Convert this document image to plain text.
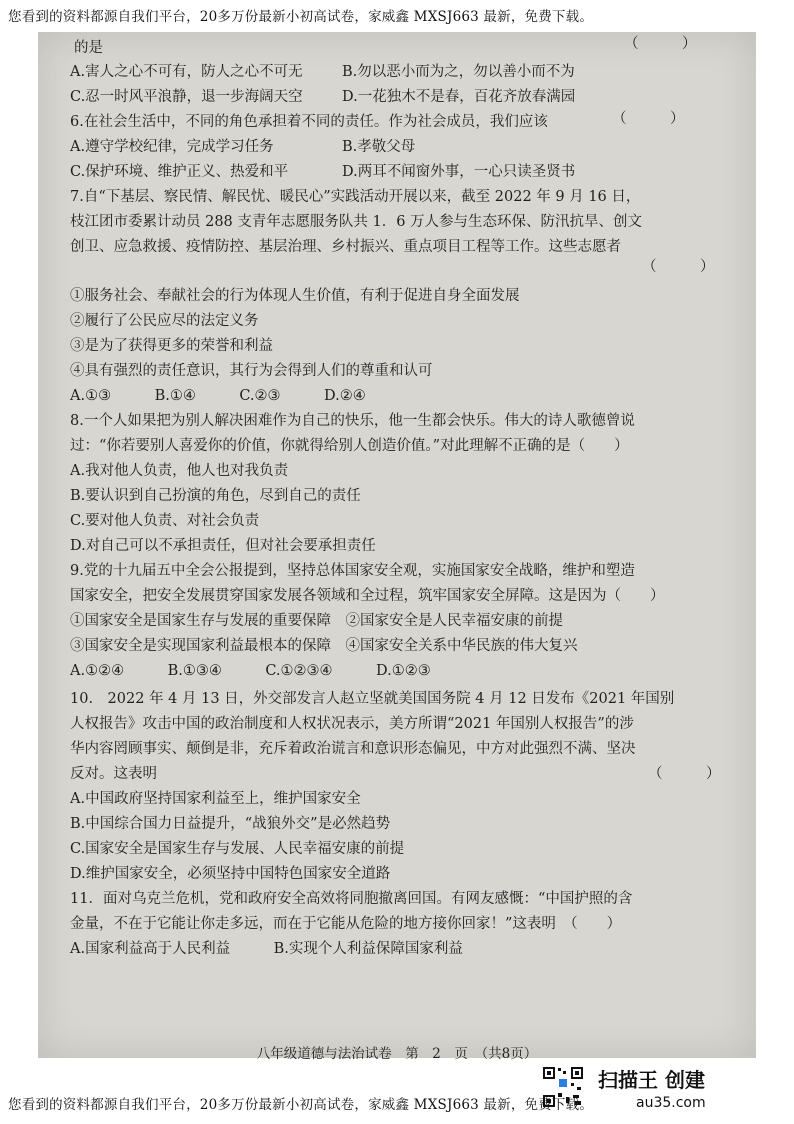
您看到的资料都源自我们平台，20多万份最新小初高试卷，家威鑫 MXSJ663 最新，免费下载。
的是	（　　　）
A.害人之心不可有，防人之心不可无	B.勿以恶小而为之，勿以善小而不为
C.忍一时风平浪静，退一步海阔天空	D.一花独木不是春，百花齐放春满园
6.在社会生活中，不同的角色承担着不同的责任。作为社会成员，我们应该	（　　　）
A.遵守学校纪律，完成学习任务	B.孝敬父母
C.保护环境、维护正义、热爱和平	D.两耳不闻窗外事，一心只读圣贤书
7.自“下基层、察民情、解民忧、暖民心”实践活动开展以来，截至 2022 年 9 月 16 日，
枝江团市委累计动员 288 支青年志愿服务队共 1．6 万人参与生态环保、防汛抗旱、创文
创卫、应急救援、疫情防控、基层治理、乡村振兴、重点项目工程等工作。这些志愿者
（　　　）
①服务社会、奉献社会的行为体现人生价值，有利于促进自身全面发展
②履行了公民应尽的法定义务
③是为了获得更多的荣誉和利益
④具有强烈的责任意识，其行为会得到人们的尊重和认可
A.①③　　　B.①④　　　C.②③　　　D.②④
8.一个人如果把为别人解决困难作为自己的快乐，他一生都会快乐。伟大的诗人歌德曾说
过：“你若要别人喜爱你的价值，你就得给别人创造价值。”对此理解不正确的是（　　）
A.我对他人负责，他人也对我负责
B.要认识到自己扮演的角色，尽到自己的责任
C.要对他人负责、对社会负责
D.对自己可以不承担责任，但对社会要承担责任
9.党的十九届五中全会公报提到，坚持总体国家安全观，实施国家安全战略，维护和塑造
国家安全，把安全发展贯穿国家发展各领域和全过程，筑牢国家安全屏障。这是因为（　　）
①国家安全是国家生存与发展的重要保障　②国家安全是人民幸福安康的前提
③国家安全是实现国家利益最根本的保障　④国家安全关系中华民族的伟大复兴
A.①②④　　　B.①③④　　　C.①②③④　　　D.①②③
10.　2022 年 4 月 13 日，外交部发言人赵立坚就美国国务院 4 月 12 日发布《2021 年国别
人权报告》攻击中国的政治制度和人权状况表示，美方所谓“2021 年国别人权报告”的涉
华内容罔顾事实、颠倒是非，充斥着政治谎言和意识形态偏见，中方对此强烈不满、坚决
反对。这表明	（　　　）
A.中国政府坚持国家利益至上，维护国家安全
B.中国综合国力日益提升，“战狼外交”是必然趋势
C.国家安全是国家生存与发展、人民幸福安康的前提
D.维护国家安全，必须坚持中国特色国家安全道路
11．面对乌克兰危机，党和政府安全高效将同胞撤离回国。有网友感慨：“中国护照的含
金量，不在于它能让你走多远，而在于它能从危险的地方接你回家！”这表明　（　　）
A.国家利益高于人民利益　　　B.实现个人利益保障国家利益
八年级道德与法治试卷　第　2　页　（共8页）
扫描王 创建
au35.com
您看到的资料都源自我们平台，20多万份最新小初高试卷，家威鑫 MXSJ663 最新，免费下载。
